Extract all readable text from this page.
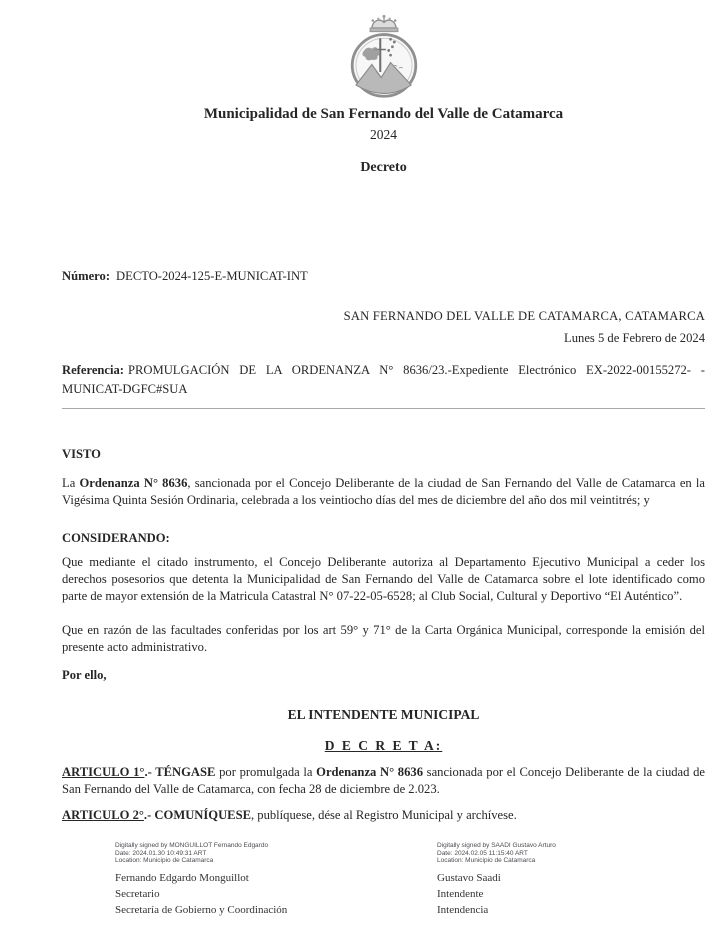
Municipalidad de San Fernando del Valle de Catamarca
2024
Decreto
Número: DECTO-2024-125-E-MUNICAT-INT
SAN FERNANDO DEL VALLE DE CATAMARCA, CATAMARCA
Lunes 5 de Febrero de 2024
Referencia: PROMULGACIÓN DE LA ORDENANZA N° 8636/23.-Expediente Electrónico EX-2022-00155272- -MUNICAT-DGFC#SUA
VISTO
La Ordenanza N° 8636, sancionada por el Concejo Deliberante de la ciudad de San Fernando del Valle de Catamarca en la Vigésima Quinta Sesión Ordinaria, celebrada a los veintiocho días del mes de diciembre del año dos mil veintitrés; y
CONSIDERANDO:
Que mediante el citado instrumento, el Concejo Deliberante autoriza al Departamento Ejecutivo Municipal a ceder los derechos posesorios que detenta la Municipalidad de San Fernando del Valle de Catamarca sobre el lote identificado como parte de mayor extensión de la Matricula Catastral N° 07-22-05-6528; al Club Social, Cultural y Deportivo “El Auténtico”.
Que en razón de las facultades conferidas por los art 59° y 71° de la Carta Orgánica Municipal, corresponde la emisión del presente acto administrativo.
Por ello,
EL INTENDENTE MUNICIPAL
D E C R E T A:
ARTICULO 1°.- TÉNGASE por promulgada la Ordenanza N° 8636 sancionada por el Concejo Deliberante de la ciudad de San Fernando del Valle de Catamarca, con fecha 28 de diciembre de 2.023.
ARTICULO 2°.- COMUNÍQUESE, publíquese, dése al Registro Municipal y archívese.
Digitally signed by MONGUILLOT Fernando Edgardo
Date: 2024.01.30 10:49:31 ART
Location: Municipio de Catamarca
Fernando Edgardo Monguillot
Secretario
Secretaría de Gobierno y Coordinación
Digitally signed by SAADI Gustavo Arturo
Date: 2024.02.05 11:15:40 ART
Location: Municipio de Catamarca
Gustavo Saadi
Intendente
Intendencia
